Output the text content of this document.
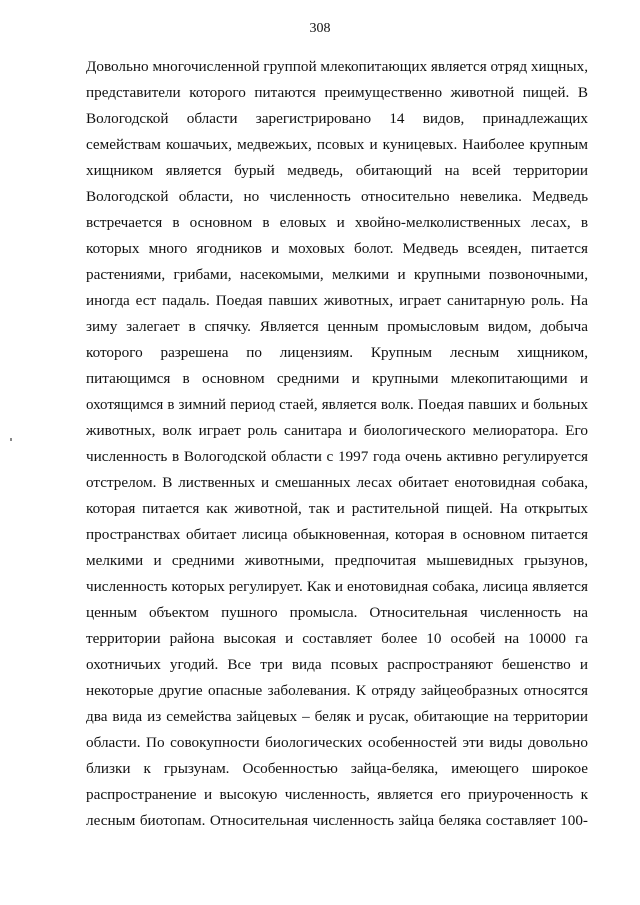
308
Довольно многочисленной группой млекопитающих является отряд хищных,
представители которого питаются преимущественно животной пищей. В
Вологодской области зарегистрировано 14 видов, принадлежащих
семействам кошачьих, медвежьих, псовых и куницевых. Наиболее крупным
хищником является бурый медведь, обитающий на всей территории
Вологодской области, но численность относительно невелика. Медведь
встречается в основном в еловых и хвойно-мелколиственных лесах, в
которых много ягодников и моховых болот. Медведь всеяден, питается
растениями, грибами, насекомыми, мелкими и крупными позвоночными,
иногда ест падаль. Поедая павших животных, играет санитарную роль. На
зиму залегает в спячку. Является ценным промысловым видом, добыча
которого разрешена по лицензиям. Крупным лесным хищником,
питающимся в основном средними и крупными млекопитающими и
охотящимся в зимний период стаей, является волк. Поедая павших и больных
животных, волк играет роль санитара и биологического мелиоратора. Его
численность в Вологодской области с 1997 года очень активно регулируется
отстрелом. В лиственных и смешанных лесах обитает енотовидная собака,
которая питается как животной, так и растительной пищей. На открытых
пространствах обитает лисица обыкновенная, которая в основном питается
мелкими и средними животными, предпочитая мышевидных грызунов,
численность которых регулирует. Как и енотовидная собака, лисица является
ценным объектом пушного промысла. Относительная численность на
территории района высокая и составляет более 10 особей на 10000 га
охотничьих угодий. Все три вида псовых распространяют бешенство и
некоторые другие опасные заболевания. К отряду зайцеобразных относятся
два вида из семейства зайцевых – беляк и русак, обитающие на территории
области. По совокупности биологических особенностей эти виды довольно
близки к грызунам. Особенностью зайца-беляка, имеющего широкое
распространение и высокую численность, является его приуроченность к
лесным биотопам. Относительная численность зайца беляка составляет 100-
